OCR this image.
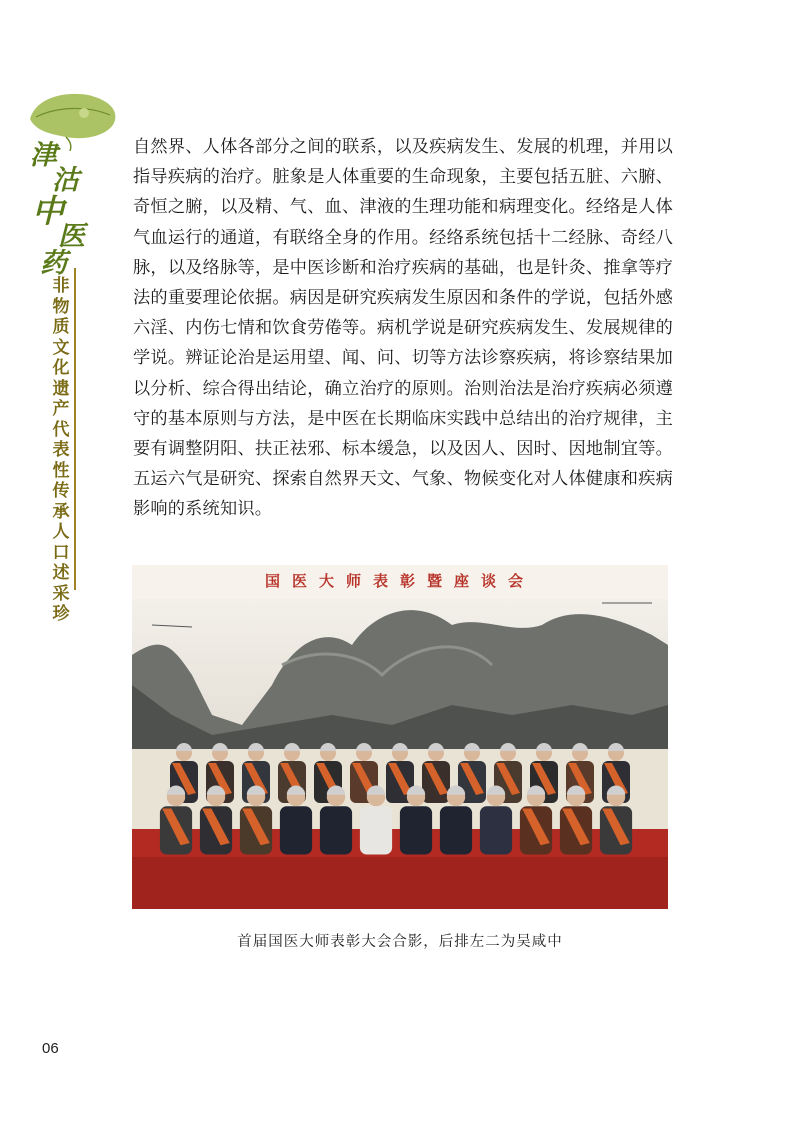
津
沽
中
医
药
非物质文化遗产代表性传承人口述采珍
自然界、人体各部分之间的联系，以及疾病发生、发展的机理，并用以指导疾病的治疗。脏象是人体重要的生命现象，主要包括五脏、六腑、奇恒之腑，以及精、气、血、津液的生理功能和病理变化。经络是人体气血运行的通道，有联络全身的作用。经络系统包括十二经脉、奇经八脉，以及络脉等，是中医诊断和治疗疾病的基础，也是针灸、推拿等疗法的重要理论依据。病因是研究疾病发生原因和条件的学说，包括外感六淫、内伤七情和饮食劳倦等。病机学说是研究疾病发生、发展规律的学说。辨证论治是运用望、闻、问、切等方法诊察疾病，将诊察结果加以分析、综合得出结论，确立治疗的原则。治则治法是治疗疾病必须遵守的基本原则与方法，是中医在长期临床实践中总结出的治疗规律，主要有调整阴阳、扶正祛邪、标本缓急，以及因人、因时、因地制宜等。五运六气是研究、探索自然界天文、气象、物候变化对人体健康和疾病影响的系统知识。
国医大师表彰暨座谈会
首届国医大师表彰大会合影，后排左二为吴咸中
06
